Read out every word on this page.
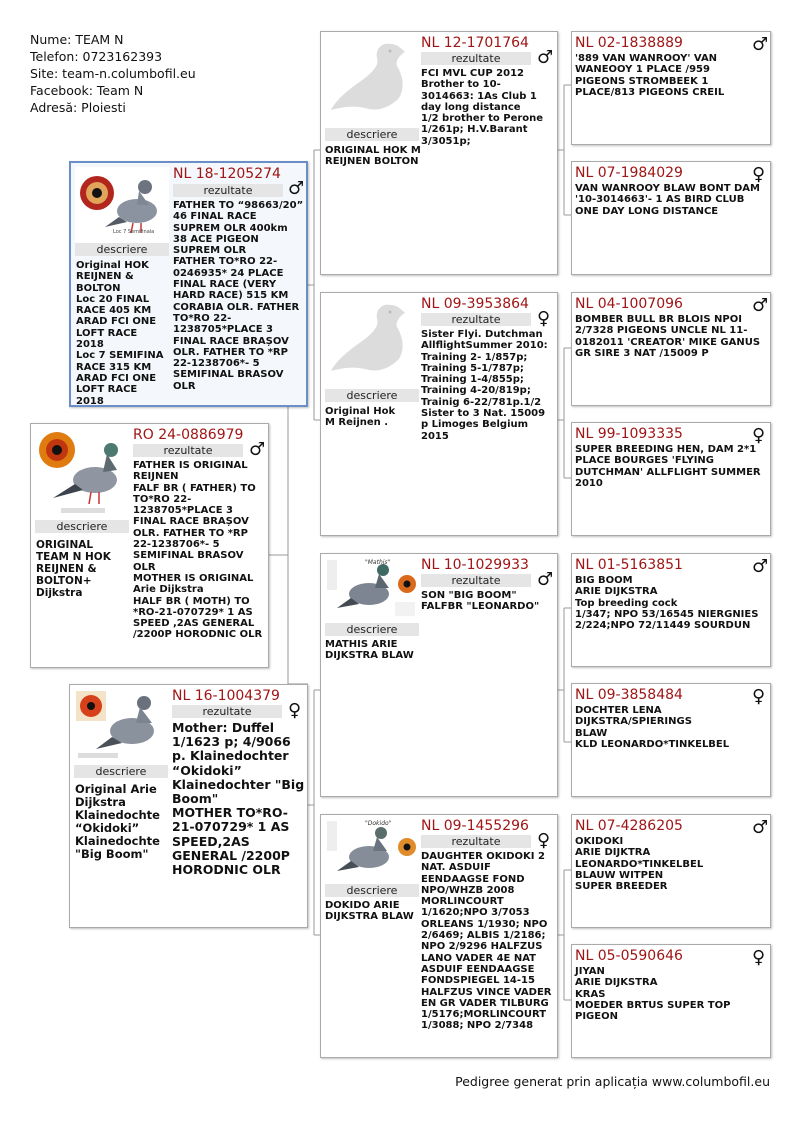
Nume: TEAM N
Telefon: 0723162393
Site: team-n.columbofil.eu
Facebook: Team N
Adresă: Ploiesti
Loc 7 Semifinala
descriere
Original HOK REIJNEN & BOLTON
Loc 20 FINAL RACE 405 KM ARAD FCI ONE LOFT RACE 2018
Loc 7 SEMIFINA RACE 315 KM ARAD FCI ONE LOFT RACE 2018
NL 18-1205274
rezultate	♂
FATHER TO “98663/20” 46 FINAL RACE SUPREM OLR 400km
38 ACE PIGEON SUPREM OLR
FATHER TO*RO 22-0246935* 24 PLACE FINAL RACE (VERY HARD RACE) 515 KM CORABIA OLR. FATHER TO*RO 22-1238705*PLACE 3 FINAL RACE BRAȘOV OLR. FATHER TO *RP 22-1238706*- 5 SEMIFINAL BRASOV OLR
descriere
ORIGINAL TEAM N HOK REIJNEN & BOLTON+ Dijkstra
RO 24-0886979
rezultate	♂
FATHER IS ORIGINAL REIJNEN
FALF BR ( FATHER) TO TO*RO 22-1238705*PLACE 3 FINAL RACE BRAȘOV OLR. FATHER TO *RP 22-1238706*- 5 SEMIFINAL BRASOV OLR
MOTHER IS ORIGINAL Arie Dijkstra
HALF BR ( MOTH) TO *RO-21-070729* 1 AS SPEED ,2AS GENERAL /2200P HORODNIC OLR
descriere
Original Arie Dijkstra Klainedochte “Okidoki” Klainedochte "Big Boom"
NL 16-1004379
rezultate	♀
Mother: Duffel 1/1623 p; 4/9066 p. Klainedochter “Okidoki” Klainedochter "Big Boom"
MOTHER TO*RO-21-070729* 1 AS SPEED,2AS GENERAL /2200P HORODNIC OLR
descriere
ORIGINAL HOK M REIJNEN BOLTON
NL 12-1701764
rezultate	♂
FCI MVL CUP 2012 Brother to 10-3014663: 1As Club 1 day long distance
1/2 brother to Perone 1/261p; H.V.Barant 3/3051p;
descriere
Original Hok M Reijnen .
NL 09-3953864
rezultate	♀
Sister Flyi. Dutchman AllflightSummer 2010: Training 2- 1/857p; Training 5-1/787p; Training 1-4/855p; Training 4-20/819p; Trainig 6-22/781p.1/2 Sister to 3 Nat. 15009 p Limoges Belgium 2015
"Mathis"
descriere
MATHIS ARIE DIJKSTRA BLAW
NL 10-1029933
rezultate	♂
SON "BIG BOOM" FALFBR "LEONARDO"
"Dokido"
descriere
DOKIDO ARIE DIJKSTRA BLAW
NL 09-1455296
rezultate	♀
DAUGHTER OKIDOKI 2 NAT. ASDUIF EENDAAGSE FOND NPO/WHZB 2008 MORLINCOURT 1/1620;NPO 3/7053 ORLEANS 1/1930; NPO 2/6469; ALBIS 1/2186; NPO 2/9296 HALFZUS LANO VADER 4E NAT ASDUIF EENDAAGSE FONDSPIEGEL 14-15 HALFZUS VINCE VADER EN GR VADER TILBURG 1/5176;MORLINCOURT 1/3088; NPO 2/7348
NL 02-1838889	♂
'889 VAN WANROOY' VAN WANEOOY 1 PLACE /959 PIGEONS STROMBEEK 1 PLACE/813 PIGEONS CREIL
NL 07-1984029	♀
VAN WANROOY BLAW BONT DAM '10-3014663'- 1 AS BIRD CLUB ONE DAY LONG DISTANCE
NL 04-1007096	♂
BOMBER BULL BR BLOIS NPOI 2/7328 PIGEONS UNCLE NL 11-0182011 'CREATOR' MIKE GANUS GR SIRE 3 NAT /15009 P
NL 99-1093335	♀
SUPER BREEDING HEN, DAM 2*1 PLACE BOURGES 'FLYING DUTCHMAN' ALLFLIGHT SUMMER 2010
NL 01-5163851	♂
BIG BOOM
ARIE DIJKSTRA
Top breeding cock
1/347; NPO 53/16545 NIERGNIES 2/224;NPO 72/11449 SOURDUN
NL 09-3858484	♀
DOCHTER LENA
DIJKSTRA/SPIERINGS
BLAW
KLD LEONARDO*TINKELBEL
NL 07-4286205	♂
OKIDOKI
ARIE DIJKTRA
LEONARDO*TINKELBEL
BLAUW WITPEN
SUPER BREEDER
NL 05-0590646	♀
JIYAN
ARIE DIJKSTRA
KRAS
MOEDER BRTUS SUPER TOP PIGEON
Pedigree generat prin aplicația www.columbofil.eu
